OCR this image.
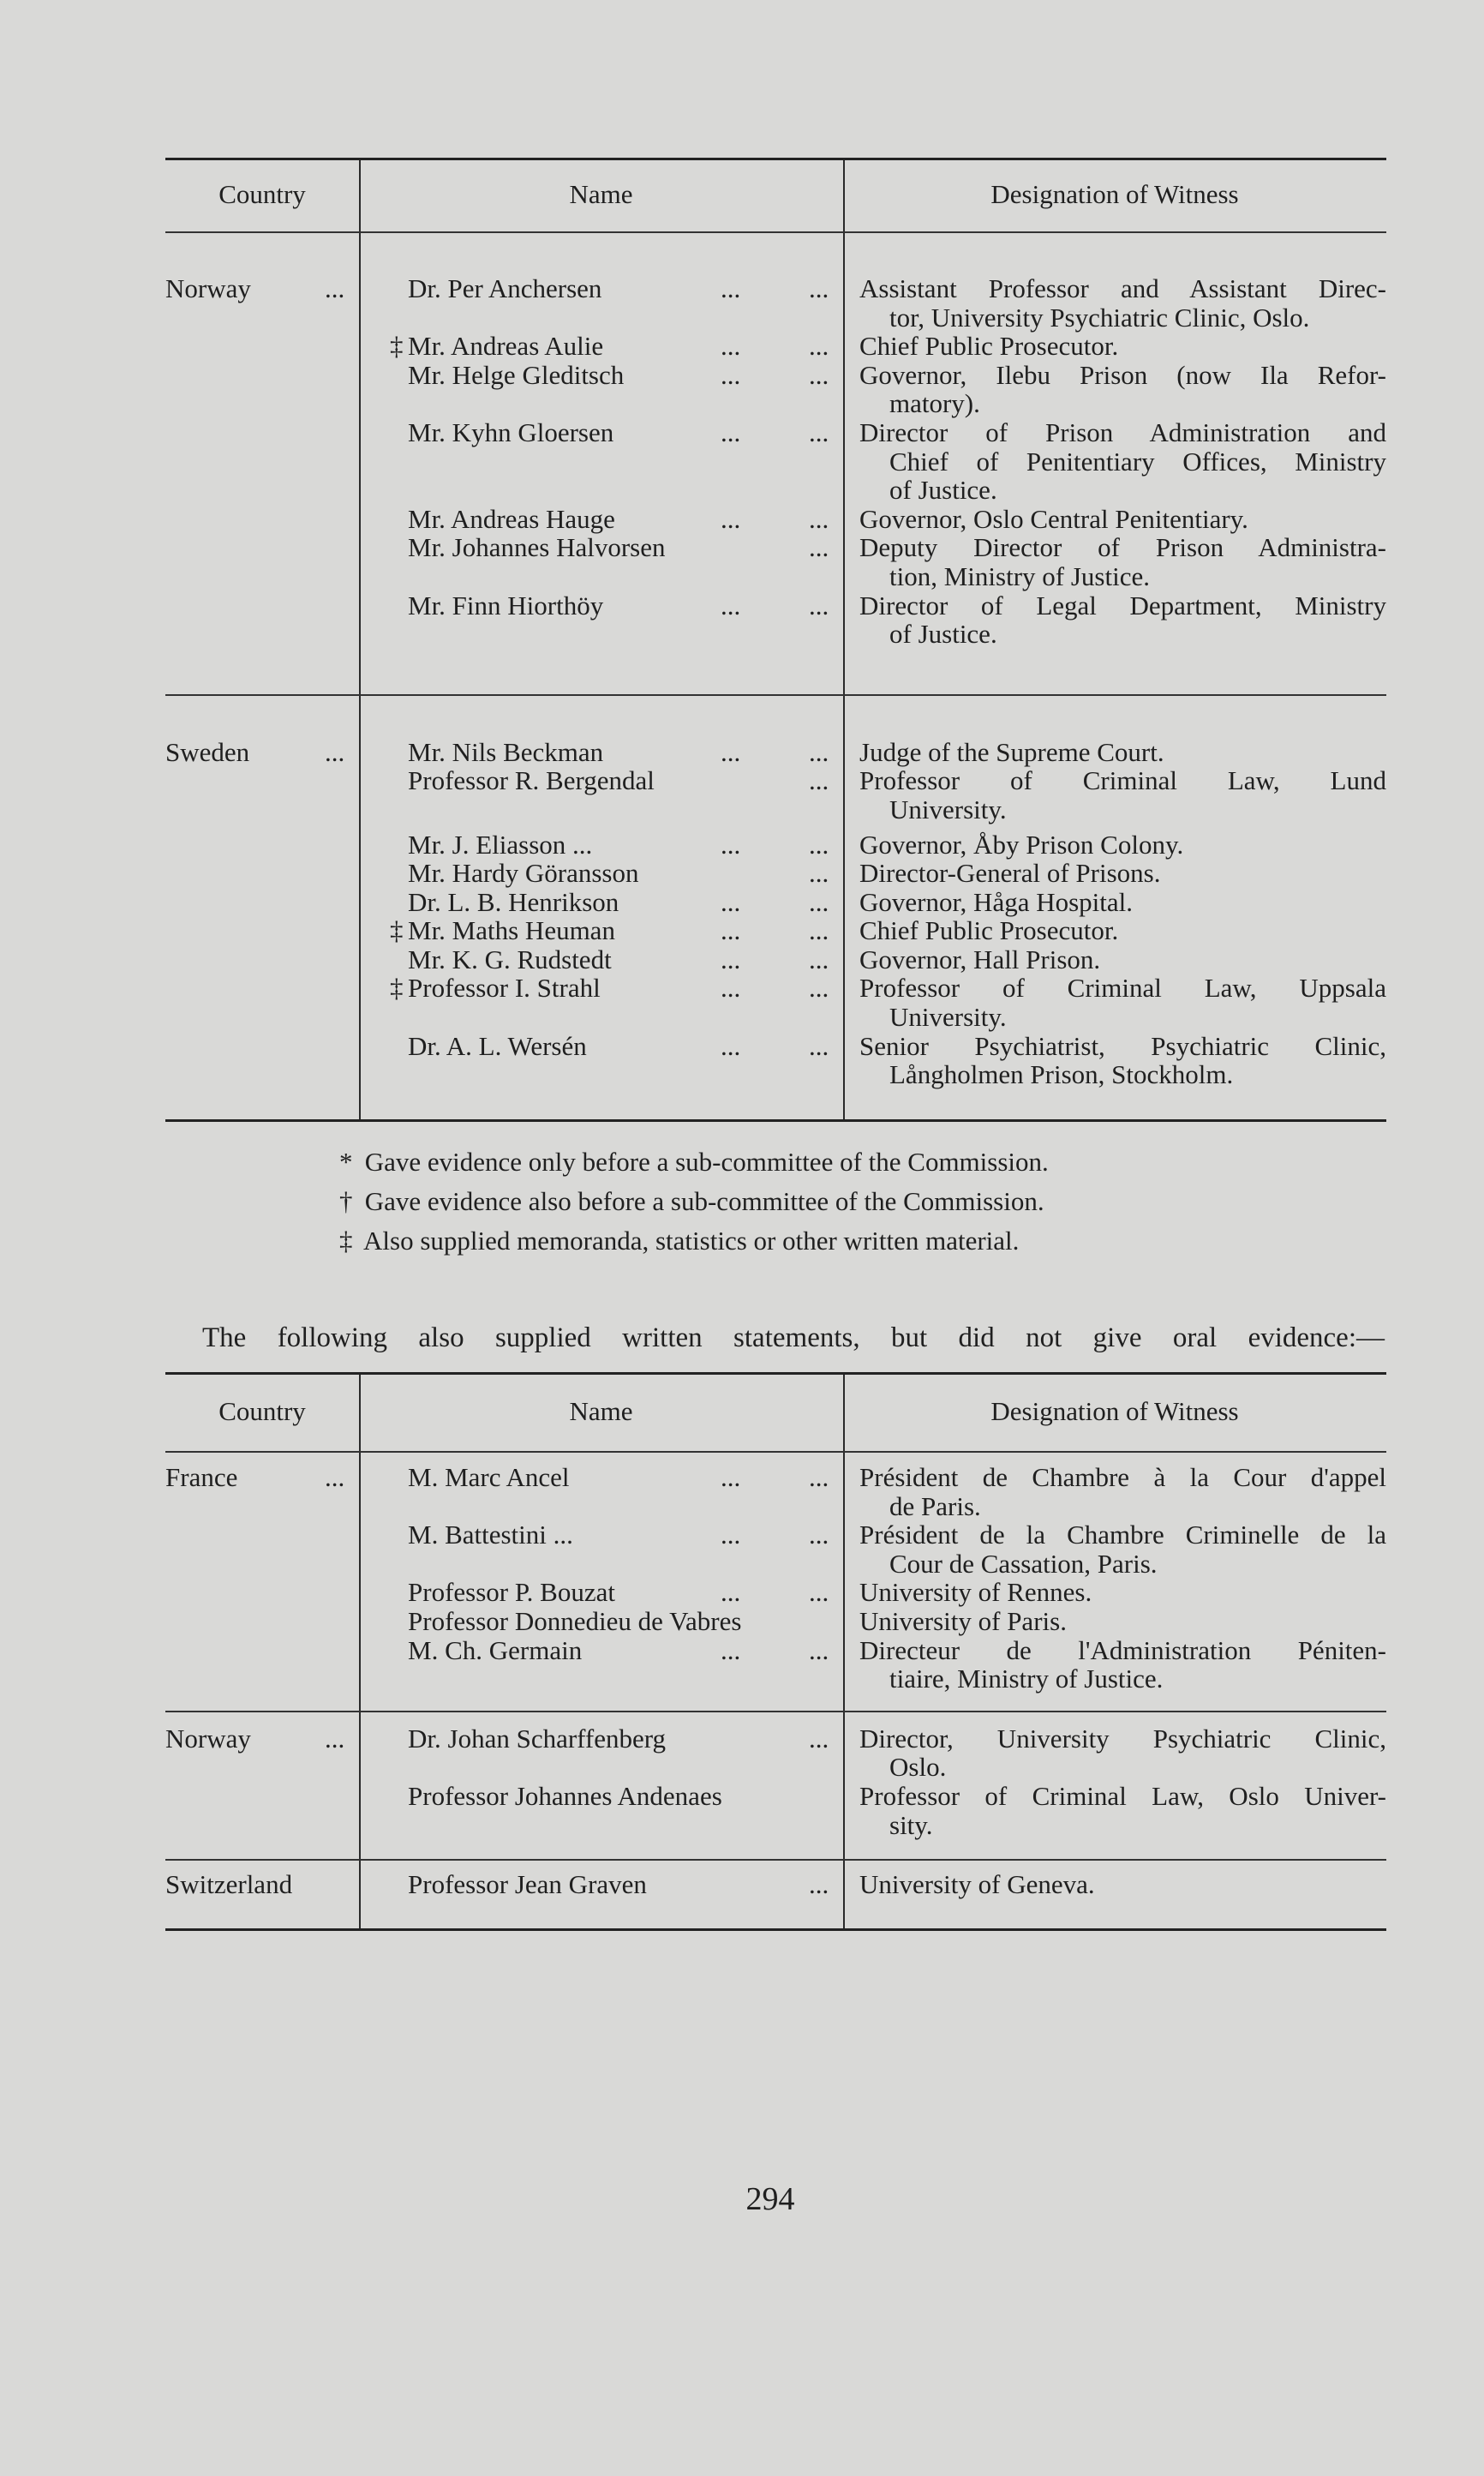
Country	Name	Designation of Witness
Norway	... Dr. Per Anchersen	...	... Assistant Professor and Assistant Direc-
tor, University Psychiatric Clinic, Oslo.
‡ Mr. Andreas Aulie	...	... Chief Public Prosecutor.
Mr. Helge Gleditsch	...	... Governor, Ilebu Prison (now Ila Refor-
matory).
Mr. Kyhn Gloersen	...	... Director of Prison Administration and
Chief of Penitentiary Offices, Ministry
of Justice.
Mr. Andreas Hauge	...	... Governor, Oslo Central Penitentiary.
Mr. Johannes Halvorsen	... Deputy Director of Prison Administra-
tion, Ministry of Justice.
Mr. Finn Hiorthöy	...	... Director of Legal Department, Ministry
of Justice.
Sweden	... Mr. Nils Beckman	...	... Judge of the Supreme Court.
Professor R. Bergendal	... Professor of Criminal Law, Lund
University.
Mr. J. Eliasson ...	...	... Governor, Åby Prison Colony.
Mr. Hardy Göransson	... Director-General of Prisons.
Dr. L. B. Henrikson	...	... Governor, Håga Hospital.
‡ Mr. Maths Heuman	...	... Chief Public Prosecutor.
Mr. K. G. Rudstedt	...	... Governor, Hall Prison.
‡ Professor I. Strahl	...	... Professor of Criminal Law, Uppsala
University.
Dr. A. L. Wersén	...	... Senior Psychiatrist, Psychiatric Clinic,
Långholmen Prison, Stockholm.
* Gave evidence only before a sub-committee of the Commission.
† Gave evidence also before a sub-committee of the Commission.
‡ Also supplied memoranda, statistics or other written material.
The following also supplied written statements, but did not give oral evidence:—
Country	Name	Designation of Witness
France	... M. Marc Ancel	...	... Président de Chambre à la Cour d'appel
de Paris.
M. Battestini ...	...	... Président de la Chambre Criminelle de la
Cour de Cassation, Paris.
Professor P. Bouzat	...	... University of Rennes.
Professor Donnedieu de Vabres	University of Paris.
M. Ch. Germain	...	... Directeur de l'Administration Péniten-
tiaire, Ministry of Justice.
Norway	... Dr. Johan Scharffenberg	... Director, University Psychiatric Clinic,
Oslo.
Professor Johannes Andenaes	Professor of Criminal Law, Oslo Univer-
sity.
Switzerland	Professor Jean Graven	... University of Geneva.
294
